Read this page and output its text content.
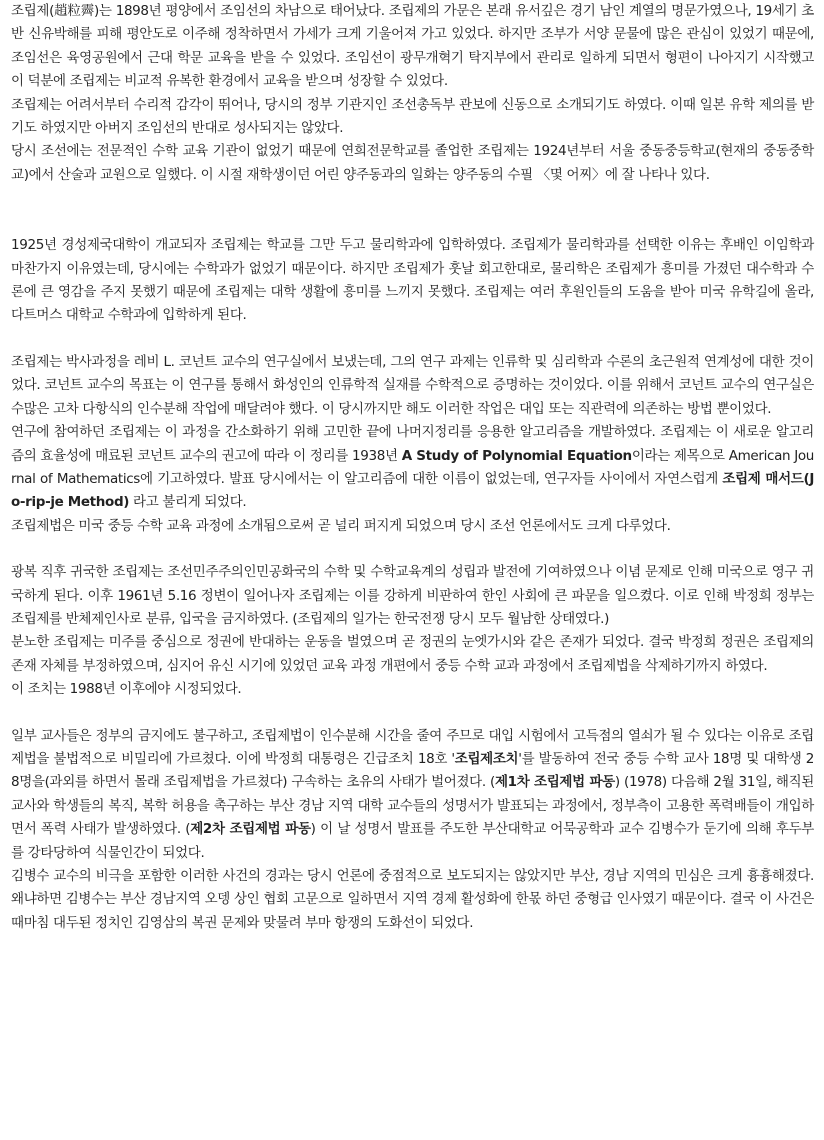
조립제(趙粒霽)는 1898년 평양에서 조임선의 차남으로 태어났다. 조립제의 가문은 본래 유서깊은 경기 남인 계열의 명문가였으나, 19세기 초반 신유박해를 피해 평안도로 이주해 정착하면서 가세가 크게 기울어져 가고 있었다. 하지만 조부가 서양 문물에 많은 관심이 있었기 때문에, 조임선은 육영공원에서 근대 학문 교육을 받을 수 있었다. 조임선이 광무개혁기 탁지부에서 관리로 일하게 되면서 형편이 나아지기 시작했고 이 덕분에 조립제는 비교적 유복한 환경에서 교육을 받으며 성장할 수 있었다.

조립제는 어려서부터 수리적 감각이 뛰어나, 당시의 정부 기관지인 조선총독부 관보에 신동으로 소개되기도 하였다. 이때 일본 유학 제의를 받기도 하였지만 아버지 조임선의 반대로 성사되지는 않았다.

당시 조선에는 전문적인 수학 교육 기관이 없었기 때문에 연희전문학교를 졸업한 조립제는 1924년부터 서울 중동중등학교(현재의 중동중학교)에서 산술과 교원으로 일했다. 이 시절 재학생이던 어린 양주동과의 일화는 양주동의 수필 〈몇 어찌〉에 잘 나타나 있다.

1925년 경성제국대학이 개교되자 조립제는 학교를 그만 두고 물리학과에 입학하였다. 조립제가 물리학과를 선택한 이유는 후배인 이임학과 마찬가지 이유였는데, 당시에는 수학과가 없었기 때문이다. 하지만 조립제가 훗날 회고한대로, 물리학은 조립제가 흥미를 가졌던 대수학과 수론에 큰 영감을 주지 못했기 때문에 조립제는 대학 생활에 흥미를 느끼지 못했다. 조립제는 여러 후원인들의 도움을 받아 미국 유학길에 올라, 다트머스 대학교 수학과에 입학하게 된다.

조립제는 박사과정을 레비 L. 코넌트 교수의 연구실에서 보냈는데, 그의 연구 과제는 인류학 및 심리학과 수론의 초근원적 연계성에 대한 것이었다. 코넌트 교수의 목표는 이 연구를 통해서 화성인의 인류학적 실재를 수학적으로 증명하는 것이었다. 이를 위해서 코넌트 교수의 연구실은 수많은 고차 다항식의 인수분해 작업에 매달려야 했다. 이 당시까지만 해도 이러한 작업은 대입 또는 직관력에 의존하는 방법 뿐이었다.

연구에 참여하던 조립제는 이 과정을 간소화하기 위해 고민한 끝에 나머지정리를 응용한 알고리즘을 개발하였다. 조립제는 이 새로운 알고리즘의 효율성에 매료된 코넌트 교수의 권고에 따라 이 정리를 1938년 A Study of Polynomial Equation이라는 제목으로 American Journal of Mathematics에 기고하였다. 발표 당시에서는 이 알고리즘에 대한 이름이 없었는데, 연구자들 사이에서 자연스럽게 조립제 매서드(Jo-rip-je Method) 라고 불리게 되었다.

조립제법은 미국 중등 수학 교육 과정에 소개됨으로써 곧 널리 퍼지게 되었으며 당시 조선 언론에서도 크게 다루었다.

광복 직후 귀국한 조립제는 조선민주주의인민공화국의 수학 및 수학교육계의 성립과 발전에 기여하였으나 이념 문제로 인해 미국으로 영구 귀국하게 된다. 이후 1961년 5.16 정변이 일어나자 조립제는 이를 강하게 비판하여 한인 사회에 큰 파문을 일으켰다. 이로 인해 박정희 정부는 조립제를 반체제인사로 분류, 입국을 금지하였다. (조립제의 일가는 한국전쟁 당시 모두 월남한 상태였다.)

분노한 조립제는 미주를 중심으로 정권에 반대하는 운동을 벌였으며 곧 정권의 눈엣가시와 같은 존재가 되었다. 결국 박정희 정권은 조립제의 존재 자체를 부정하였으며, 심지어 유신 시기에 있었던 교육 과정 개편에서 중등 수학 교과 과정에서 조립제법을 삭제하기까지 하였다.

이 조치는 1988년 이후에야 시정되었다.

일부 교사들은 정부의 금지에도 불구하고, 조립제법이 인수분해 시간을 줄여 주므로 대입 시험에서 고득점의 열쇠가 될 수 있다는 이유로 조립제법을 불법적으로 비밀리에 가르쳤다. 이에 박정희 대통령은 긴급조치 18호 '조립제조치'를 발동하여 전국 중등 수학 교사 18명 및 대학생 28명을(과외를 하면서 몰래 조립제법을 가르쳤다) 구속하는 초유의 사태가 벌어졌다. (제1차 조립제법 파동) (1978) 다음해 2월 31일, 해직된 교사와 학생들의 복직, 복학 허용을 촉구하는 부산 경남 지역 대학 교수들의 성명서가 발표되는 과정에서, 정부측이 고용한 폭력배들이 개입하면서 폭력 사태가 발생하였다. (제2차 조립제법 파동) 이 날 성명서 발표를 주도한 부산대학교 어묵공학과 교수 김병수가 둔기에 의해 후두부를 강타당하여 식물인간이 되었다.

김병수 교수의 비극을 포함한 이러한 사건의 경과는 당시 언론에 중점적으로 보도되지는 않았지만 부산, 경남 지역의 민심은 크게 흉흉해졌다. 왜냐하면 김병수는 부산 경남지역 오뎅 상인 협회 고문으로 일하면서 지역 경제 활성화에 한몫 하던 중형급 인사였기 때문이다. 결국 이 사건은 때마침 대두된 정치인 김영삼의 복권 문제와 맞물려 부마 항쟁의 도화선이 되었다.
